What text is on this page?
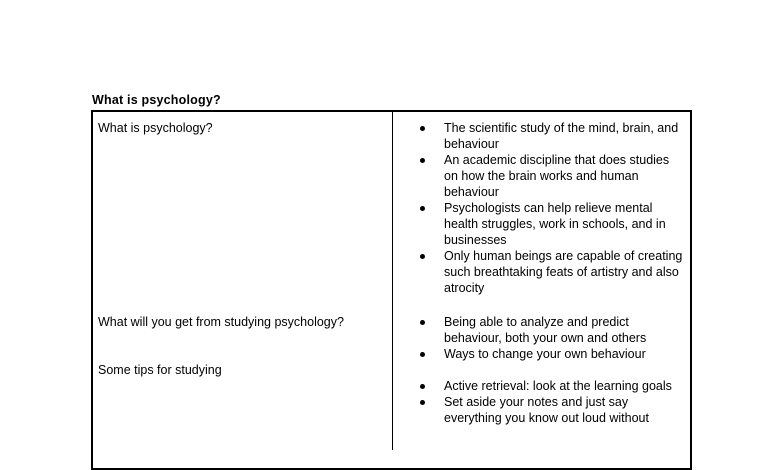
What is psychology?
What is psychology?
What will you get from studying psychology?
Some tips for studying
The scientific study of the mind, brain, and behaviour
An academic discipline that does studies on how the brain works and human behaviour
Psychologists can help relieve mental health struggles, work in schools, and in businesses
Only human beings are capable of creating such breathtaking feats of artistry and also atrocity
Being able to analyze and predict behaviour, both your own and others
Ways to change your own behaviour
Active retrieval: look at the learning goals
Set aside your notes and just say everything you know out loud without
